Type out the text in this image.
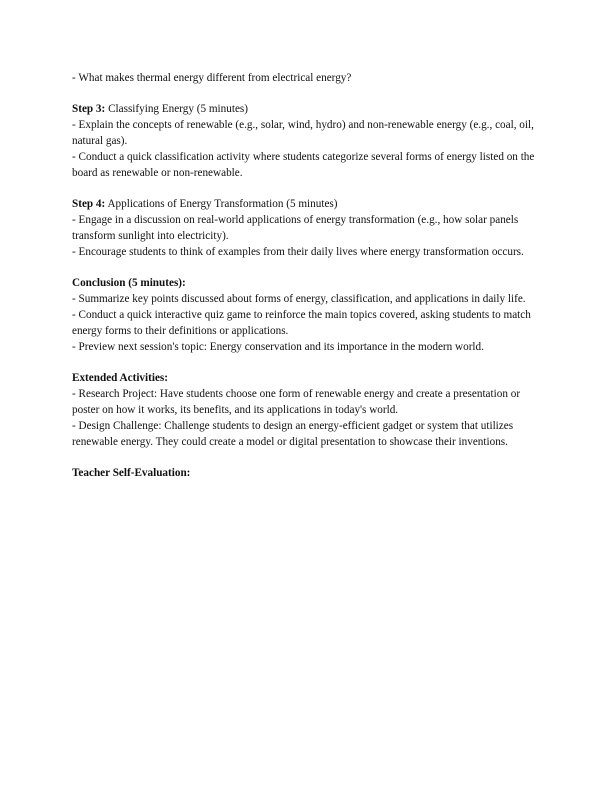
- What makes thermal energy different from electrical energy?

Step 3: Classifying Energy (5 minutes)

- Explain the concepts of renewable (e.g., solar, wind, hydro) and non-renewable energy (e.g., coal, oil, natural gas).

- Conduct a quick classification activity where students categorize several forms of energy listed on the board as renewable or non-renewable.

Step 4: Applications of Energy Transformation (5 minutes)

- Engage in a discussion on real-world applications of energy transformation (e.g., how solar panels transform sunlight into electricity).

- Encourage students to think of examples from their daily lives where energy transformation occurs.

Conclusion (5 minutes):

- Summarize key points discussed about forms of energy, classification, and applications in daily life.

- Conduct a quick interactive quiz game to reinforce the main topics covered, asking students to match energy forms to their definitions or applications.

- Preview next session's topic: Energy conservation and its importance in the modern world.

Extended Activities:

- Research Project: Have students choose one form of renewable energy and create a presentation or poster on how it works, its benefits, and its applications in today's world.

- Design Challenge: Challenge students to design an energy-efficient gadget or system that utilizes renewable energy. They could create a model or digital presentation to showcase their inventions.

Teacher Self-Evaluation:
